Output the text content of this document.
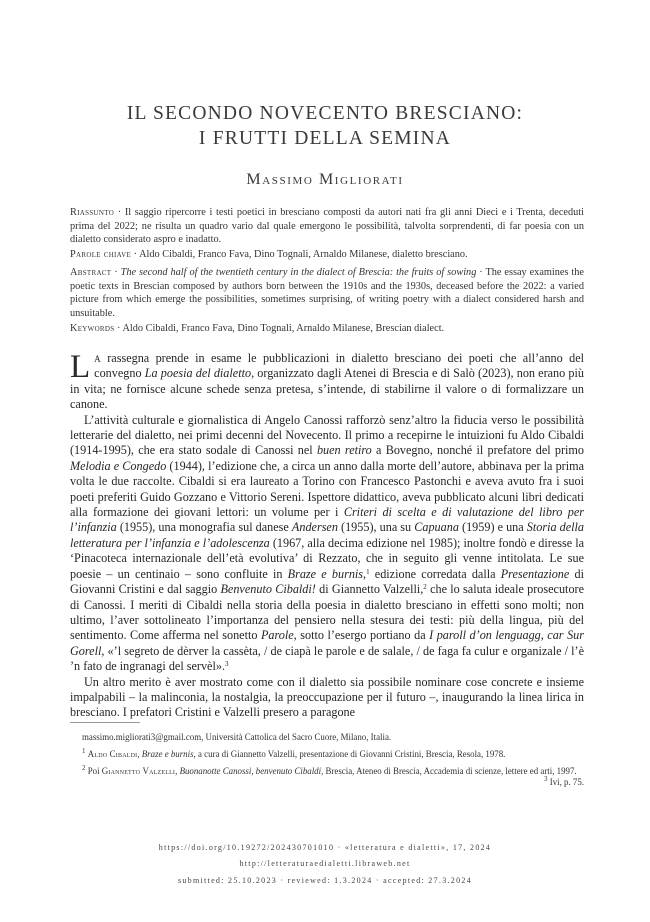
IL SECONDO NOVECENTO BRESCIANO:
I FRUTTI DELLA SEMINA
Massimo Migliorati
Riassunto · Il saggio ripercorre i testi poetici in bresciano composti da autori nati fra gli anni Dieci e i Trenta, deceduti prima del 2022; ne risulta un quadro vario dal quale emergono le possibilità, talvolta sorprendenti, di far poesia con un dialetto considerato aspro e inadatto.
Parole chiave · Aldo Cibaldi, Franco Fava, Dino Tognali, Arnaldo Milanese, dialetto bresciano.
Abstract · The second half of the twentieth century in the dialect of Brescia: the fruits of sowing · The essay examines the poetic texts in Brescian composed by authors born between the 1910s and the 1930s, deceased before the 2022: a varied picture from which emerge the possibilities, sometimes surprising, of writing poetry with a dialect considered harsh and unsuitable.
Keywords · Aldo Cibaldi, Franco Fava, Dino Tognali, Arnaldo Milanese, Brescian dialect.

La rassegna prende in esame le pubblicazioni in dialetto bresciano dei poeti che all’anno del convegno La poesia del dialetto, organizzato dagli Atenei di Brescia e di Salò (2023), non erano più in vita; ne fornisce alcune schede senza pretesa, s’intende, di stabilirne il valore o di formalizzare un canone.

L’attività culturale e giornalistica di Angelo Canossi rafforzò senz’altro la fiducia verso le possibilità letterarie del dialetto, nei primi decenni del Novecento. Il primo a recepirne le intuizioni fu Aldo Cibaldi (1914-1995), che era stato sodale di Canossi nel buen retiro a Bovegno, nonché il prefatore del primo Melodia e Congedo (1944), l’edizione che, a circa un anno dalla morte dell’autore, abbinava per la prima volta le due raccolte. Cibaldi si era laureato a Torino con Francesco Pastonchi e aveva avuto fra i suoi poeti preferiti Guido Gozzano e Vittorio Sereni. Ispettore didattico, aveva pubblicato alcuni libri dedicati alla formazione dei giovani lettori: un volume per i Criteri di scelta e di valutazione del libro per l’infanzia (1955), una monografia sul danese Andersen (1955), una su Capuana (1959) e una Storia della letteratura per l’infanzia e l’adolescenza (1967, alla decima edizione nel 1985); inoltre fondò e diresse la ‘Pinacoteca internazionale dell’età evolutiva’ di Rezzato, che in seguito gli venne intitolata. Le sue poesie – un centinaio – sono confluite in Braze e burnis,$^1$ edizione corredata dalla Presentazione di Giovanni Cristini e dal saggio Benvenuto Cibaldi! di Giannetto Valzelli,$^2$ che lo saluta ideale prosecutore di Canossi. I meriti di Cibaldi nella storia della poesia in dialetto bresciano in effetti sono molti; non ultimo, l’aver sottolineato l’importanza del pensiero nella stesura dei testi: più della lingua, più del sentimento. Come afferma nel sonetto Parole, sotto l’esergo portiano da I paroll d’on lenguagg, car Sur Gorell, «’l segreto de dèrver la cassèta, / de ciapà le parole e de salale, / de faga fa culur e organizale / l’è ’n fato de ingranagi del servèl».$^3$

Un altro merito è aver mostrato come con il dialetto sia possibile nominare cose concrete e insieme impalpabili – la malinconia, la nostalgia, la preoccupazione per il futuro –, inaugurando la linea lirica in bresciano. I prefatori Cristini e Valzelli presero a paragone

massimo.migliorati3@gmail.com, Università Cattolica del Sacro Cuore, Milano, Italia.

$^1$ Aldo Cibaldi, Braze e burnis, a cura di Giannetto Valzelli, presentazione di Giovanni Cristini, Brescia, Resola, 1978.

$^2$ Poi Giannetto Valzelli, Buonanotte Canossi, benvenuto Cibaldi, Brescia, Ateneo di Brescia, Accademia di scienze, lettere ed arti, 1997.
$^3$ Ivi, p. 75.

https://doi.org/10.19272/202430701010 · «letteratura e dialetti», 17, 2024
http://letteraturaedialetti.libraweb.net
submitted: 25.10.2023 · reviewed: 1.3.2024 · accepted: 27.3.2024
